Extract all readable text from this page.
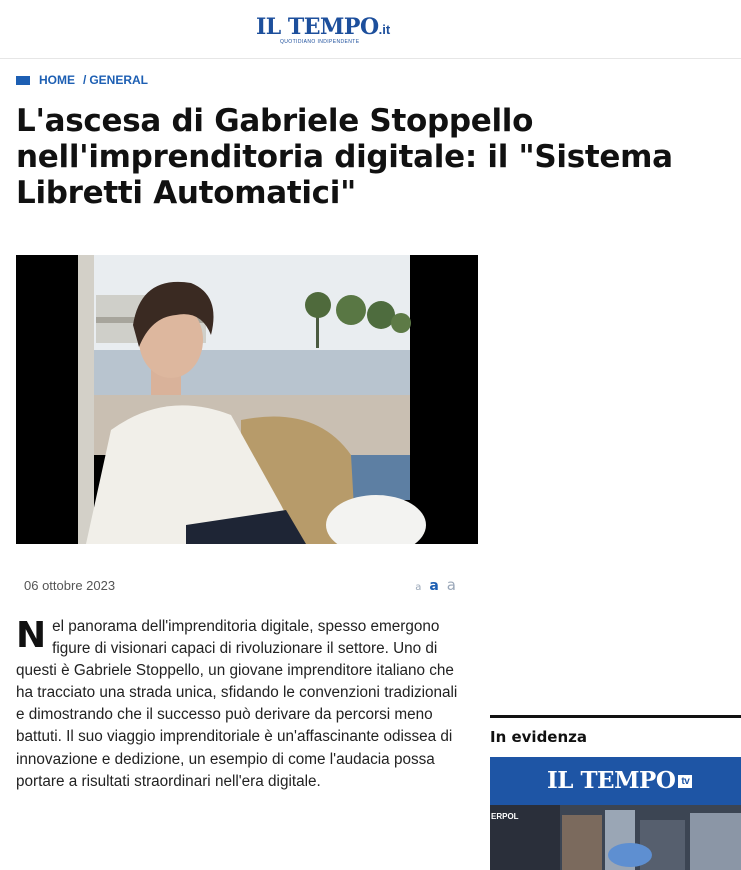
IL TEMPO.it
QUOTIDIANO INDIPENDENTE
HOME / GENERAL
L'ascesa di Gabriele Stoppello nell'imprenditoria digitale: il "Sistema Libretti Automatici"
06 ottobre 2023	a a a
N el panorama dell'imprenditoria digitale, spesso emergono figure di visionari capaci di rivoluzionare il settore. Uno di questi è Gabriele Stoppello, un giovane imprenditore italiano che ha tracciato una strada unica, sfidando le convenzioni tradizionali e dimostrando che il successo può derivare da percorsi meno battuti. Il suo viaggio imprenditoriale è un'affascinante odissea di innovazione e dedizione, un esempio di come l'audacia possa portare a risultati straordinari nell'era digitale.

In evidenza
IL TEMPO tv
ERPOL
